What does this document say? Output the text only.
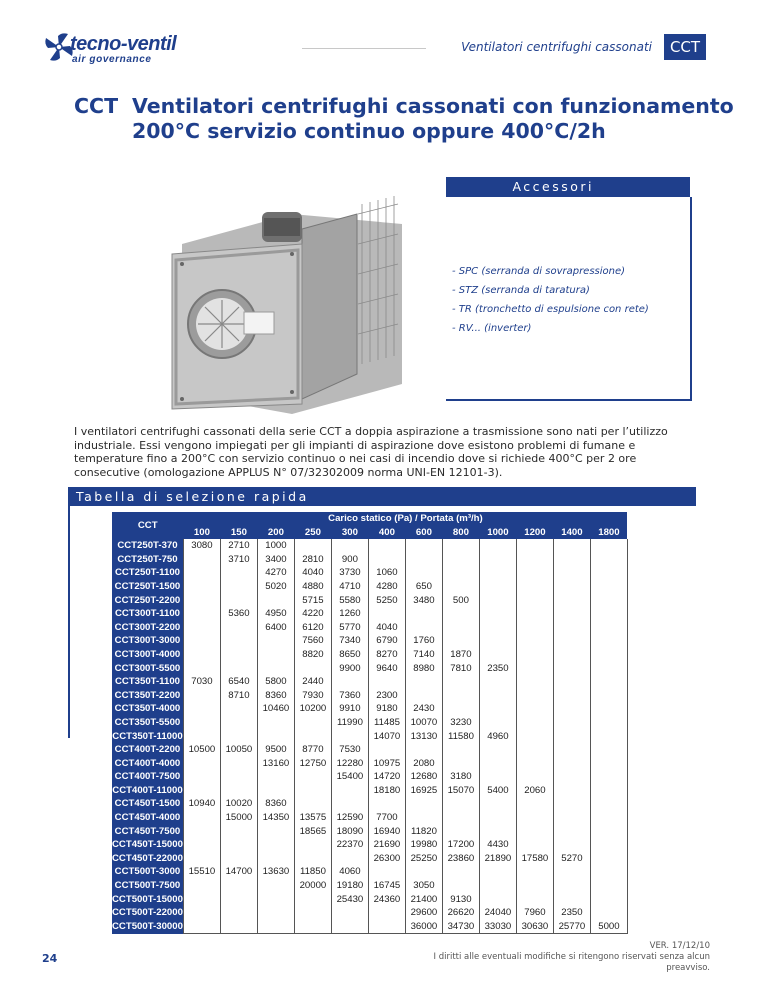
tecno-ventil
air governance
Ventilatori centrifughi cassonati	CCT
CCT Ventilatori centrifughi cassonati con funzionamento
200°C servizio continuo oppure 400°C/2h
Accessori
- SPC (serranda di sovrapressione)
- STZ (serranda di taratura)
- TR (tronchetto di espulsione con rete)
- RV... (inverter)
I ventilatori centrifughi cassonati della serie CCT a doppia aspirazione a trasmissione sono nati per l’utilizzo industriale. Essi vengono impiegati per gli impianti di aspirazione dove esistono problemi di fumane e temperature fino a 200°C con servizio continuo o nei casi di incendio dove si richiede 400°C per 2 ore consecutive (omologazione APPLUS N° 07/32302009 norma UNI-EN 12101-3).
Tabella di selezione rapida
CCT	Carico statico (Pa) / Portata (m³/h)											
	100	150	200	250	300	400	600	800	1000	1200	1400	1800
CCT250T-370	3080	2710	1000									
CCT250T-750		3710	3400	2810	900							
CCT250T-1100			4270	4040	3730	1060						
CCT250T-1500			5020	4880	4710	4280	650					
CCT250T-2200				5715	5580	5250	3480	500				
CCT300T-1100		5360	4950	4220	1260							
CCT300T-2200			6400	6120	5770	4040						
CCT300T-3000				7560	7340	6790	1760					
CCT300T-4000				8820	8650	8270	7140	1870				
CCT300T-5500					9900	9640	8980	7810	2350			
CCT350T-1100	7030	6540	5800	2440								
CCT350T-2200		8710	8360	7930	7360	2300						
CCT350T-4000			10460	10200	9910	9180	2430					
CCT350T-5500					11990	11485	10070	3230				
CCT350T-11000						14070	13130	11580	4960			
CCT400T-2200	10500	10050	9500	8770	7530							
CCT400T-4000			13160	12750	12280	10975	2080					
CCT400T-7500					15400	14720	12680	3180				
CCT400T-11000						18180	16925	15070	5400	2060		
CCT450T-1500	10940	10020	8360									
CCT450T-4000		15000	14350	13575	12590	7700						
CCT450T-7500				18565	18090	16940	11820					
CCT450T-15000					22370	21690	19980	17200	4430			
CCT450T-22000						26300	25250	23860	21890	17580	5270	
CCT500T-3000	15510	14700	13630	11850	4060							
CCT500T-7500				20000	19180	16745	3050					
CCT500T-15000					25430	24360	21400	9130				
CCT500T-22000							29600	26620	24040	7960	2350	
CCT500T-30000							36000	34730	33030	30630	25770	5000
24
VER. 17/12/10
I diritti alle eventuali modifiche si ritengono riservati senza alcun preavviso.
